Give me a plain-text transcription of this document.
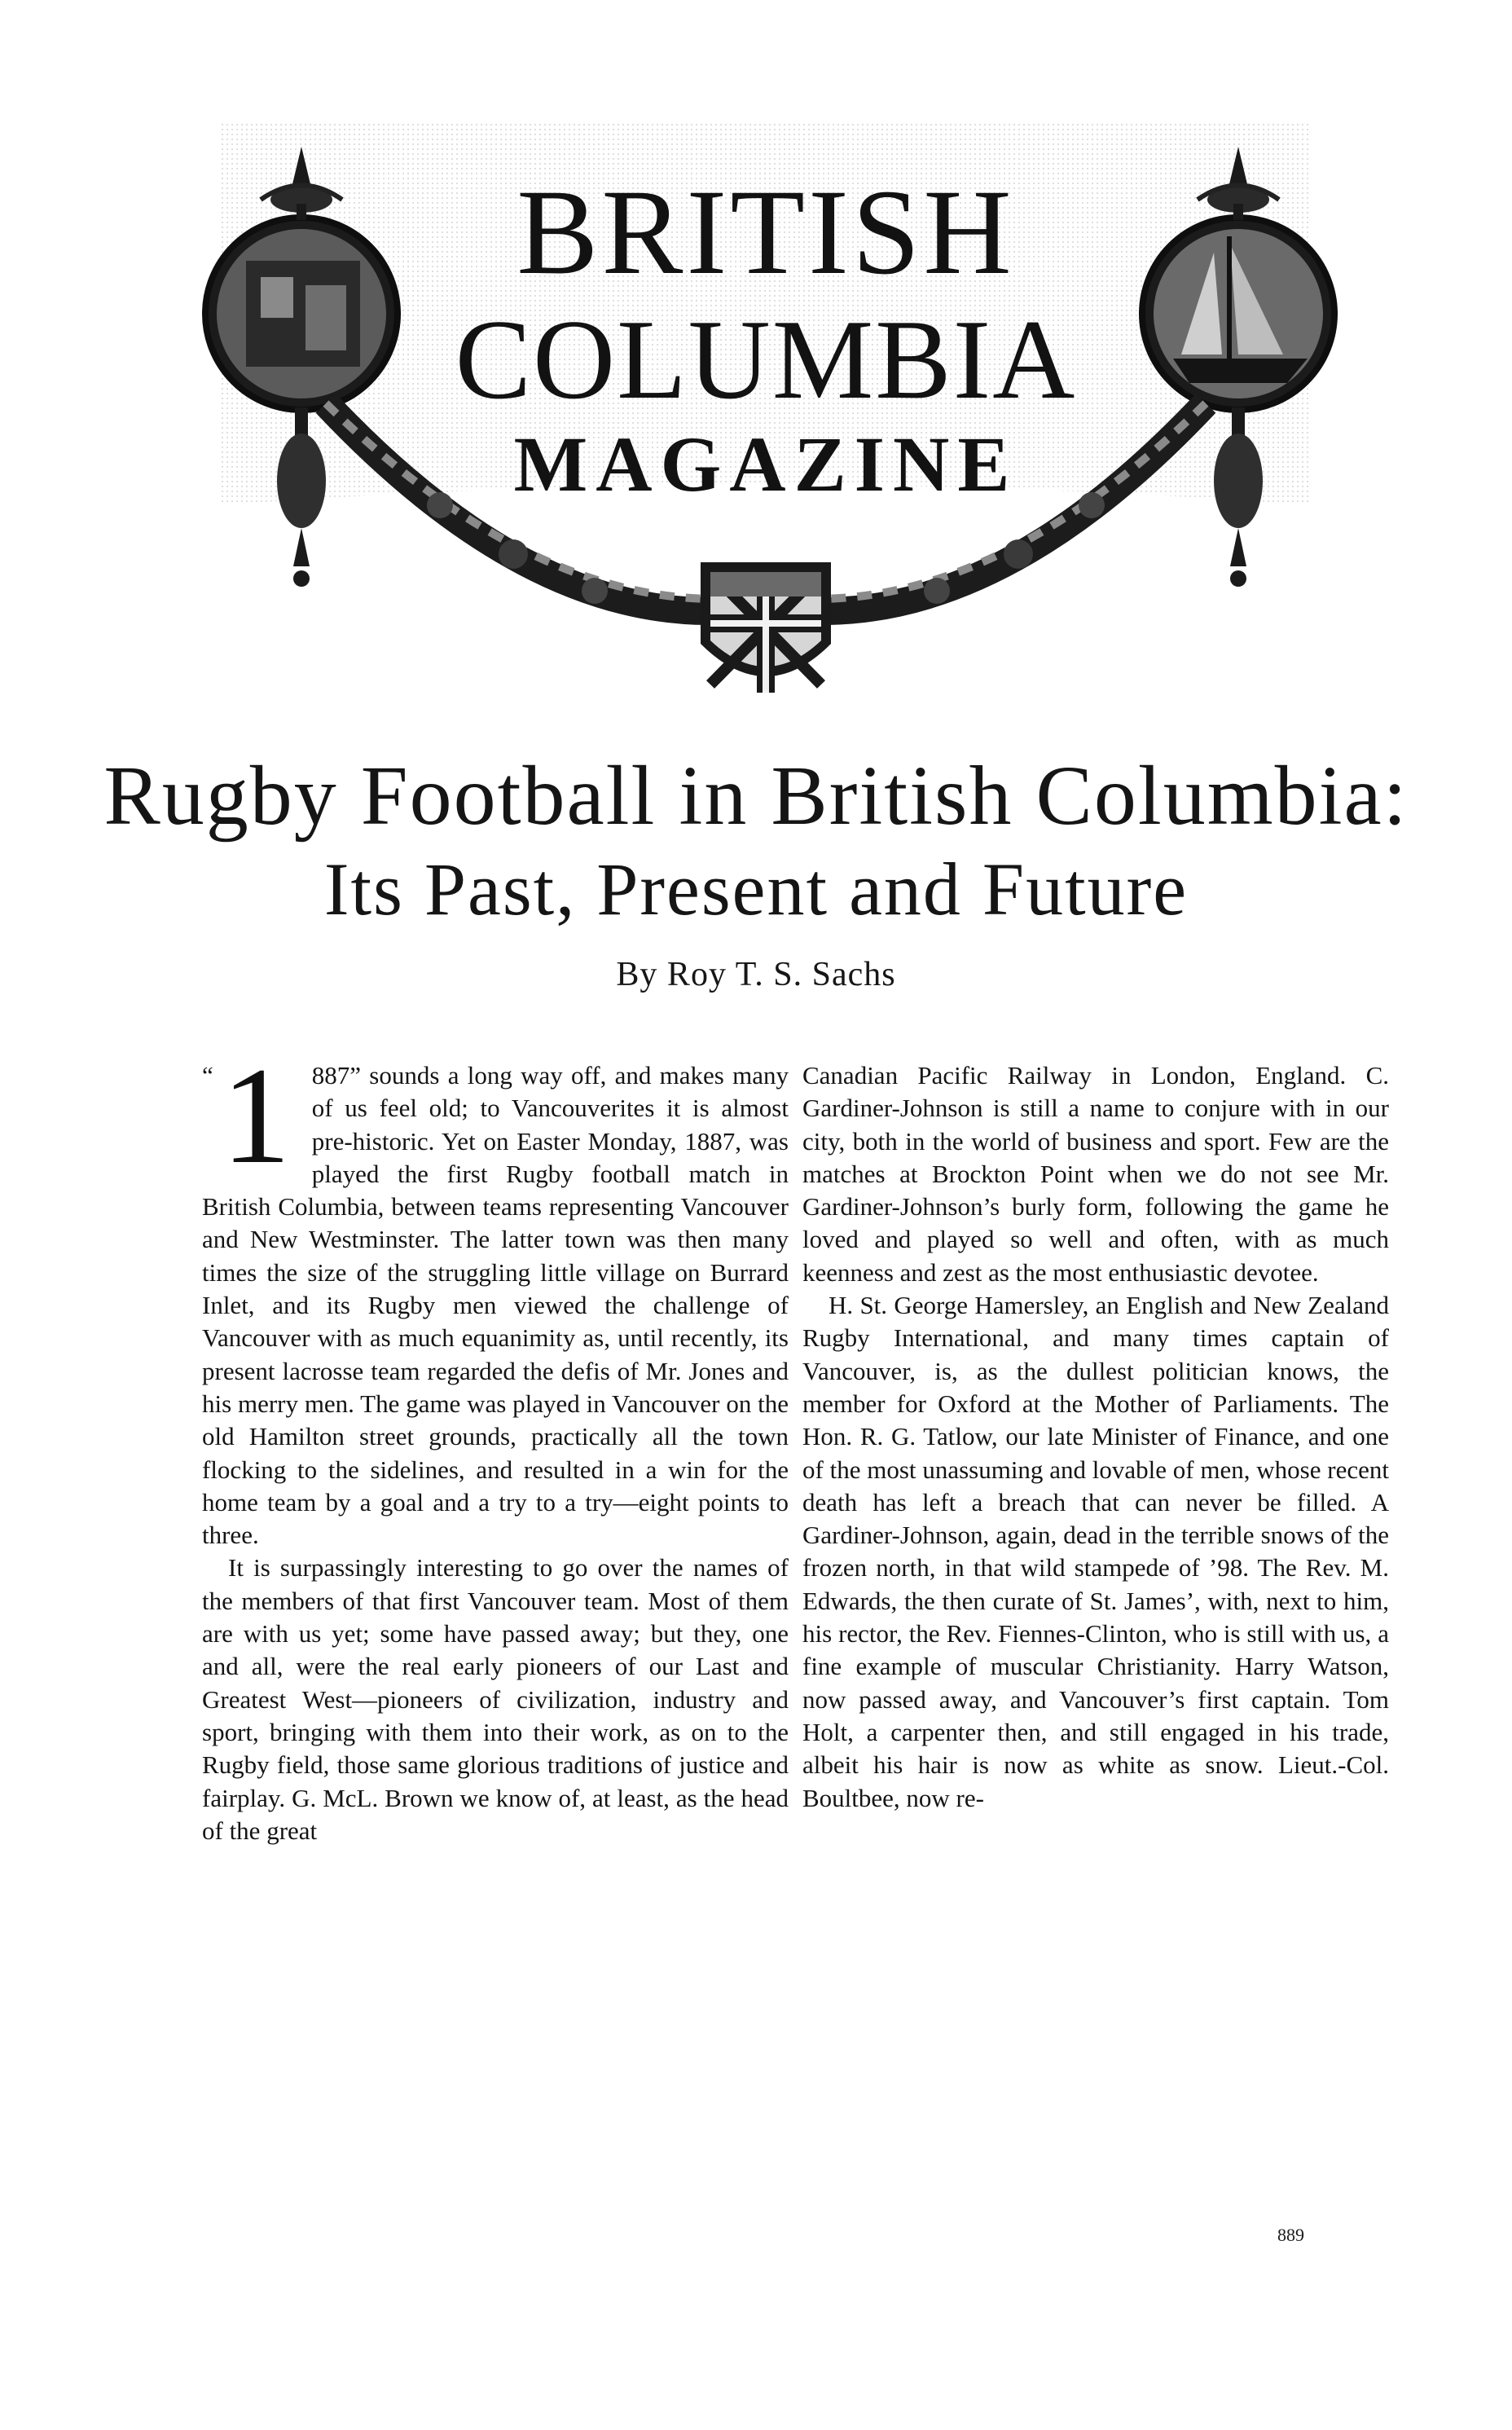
BRITISH
COLUMBIA
MAGAZINE
Rugby Football in British Columbia:
Its Past, Present and Future
By Roy T. S. Sachs

“ 1 887” sounds a long way off, and makes many of us feel old; to Vancouverites it is almost pre-historic. Yet on Easter Monday, 1887, was played the first Rugby football match in British Columbia, between teams representing Vancouver and New Westminster. The latter town was then many times the size of the struggling little village on Burrard Inlet, and its Rugby men viewed the challenge of Vancouver with as much equanimity as, until recently, its present lacrosse team regarded the defis of Mr. Jones and his merry men. The game was played in Vancouver on the old Hamilton street grounds, practically all the town flocking to the sidelines, and resulted in a win for the home team by a goal and a try to a try—eight points to three.

It is surpassingly interesting to go over the names of the members of that first Vancouver team. Most of them are with us yet; some have passed away; but they, one and all, were the real early pioneers of our Last and Greatest West—pioneers of civilization, industry and sport, bringing with them into their work, as on to the Rugby field, those same glorious traditions of justice and fairplay. G. McL. Brown we know of, at least, as the head of the great

Canadian Pacific Railway in London, England. C. Gardiner-Johnson is still a name to conjure with in our city, both in the world of business and sport. Few are the matches at Brockton Point when we do not see Mr. Gardiner-Johnson’s burly form, following the game he loved and played so well and often, with as much keenness and zest as the most enthusiastic devotee.

H. St. George Hamersley, an English and New Zealand Rugby International, and many times captain of Vancouver, is, as the dullest politician knows, the member for Oxford at the Mother of Parliaments. The Hon. R. G. Tatlow, our late Minister of Finance, and one of the most unassuming and lovable of men, whose recent death has left a breach that can never be filled. A Gardiner-Johnson, again, dead in the terrible snows of the frozen north, in that wild stampede of ’98. The Rev. M. Edwards, the then curate of St. James’, with, next to him, his rector, the Rev. Fiennes-Clinton, who is still with us, a fine example of muscular Christianity. Harry Watson, now passed away, and Vancouver’s first captain. Tom Holt, a carpenter then, and still engaged in his trade, albeit his hair is now as white as snow. Lieut.-Col. Boultbee, now re-

889
